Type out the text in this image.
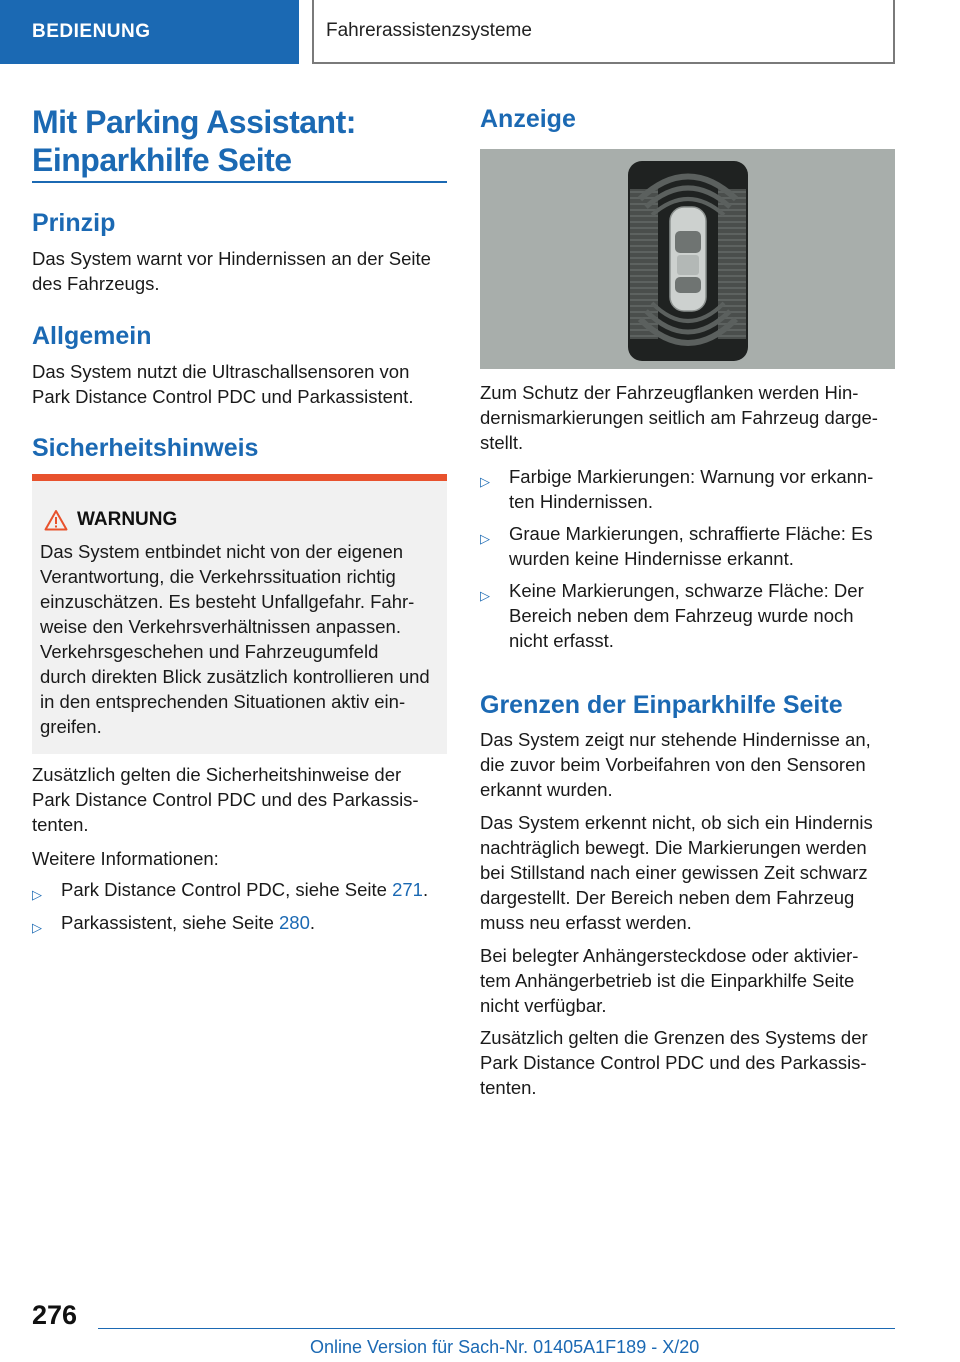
BEDIENUNG	Fahrerassistenzsysteme
Mit Parking Assistant:
Einparkhilfe Seite
Prinzip

Das System warnt vor Hindernissen an der Seite
des Fahrzeugs.

Allgemein

Das System nutzt die Ultraschallsensoren von
Park Distance Control PDC und Parkassistent.

Sicherheitshinweis
WARNUNG

Das System entbindet nicht von der eigenen
Verantwortung, die Verkehrssituation richtig
einzuschätzen. Es besteht Unfallgefahr. Fahr-
weise den Verkehrsverhältnissen anpassen.
Verkehrsgeschehen und Fahrzeugumfeld
durch direkten Blick zusätzlich kontrollieren und
in den entsprechenden Situationen aktiv ein-
greifen.

Zusätzlich gelten die Sicherheitshinweise der
Park Distance Control PDC und des Parkassis-
tenten.

Weitere Informationen:

▷ Park Distance Control PDC, siehe Seite 271.
▷ Parkassistent, siehe Seite 280.
Anzeige

Zum Schutz der Fahrzeugflanken werden Hin-
dernismarkierungen seitlich am Fahrzeug darge-
stellt.

▷ Farbige Markierungen: Warnung vor erkann-
ten Hindernissen.
▷ Graue Markierungen, schraffierte Fläche: Es
wurden keine Hindernisse erkannt.
▷ Keine Markierungen, schwarze Fläche: Der
Bereich neben dem Fahrzeug wurde noch
nicht erfasst.
Grenzen der Einparkhilfe Seite

Das System zeigt nur stehende Hindernisse an,
die zuvor beim Vorbeifahren von den Sensoren
erkannt wurden.

Das System erkennt nicht, ob sich ein Hindernis
nachträglich bewegt. Die Markierungen werden
bei Stillstand nach einer gewissen Zeit schwarz
dargestellt. Der Bereich neben dem Fahrzeug
muss neu erfasst werden.

Bei belegter Anhängersteckdose oder aktivier-
tem Anhängerbetrieb ist die Einparkhilfe Seite
nicht verfügbar.

Zusätzlich gelten die Grenzen des Systems der
Park Distance Control PDC und des Parkassis-
tenten.

276
Online Version für Sach-Nr. 01405A1F189 - X/20
